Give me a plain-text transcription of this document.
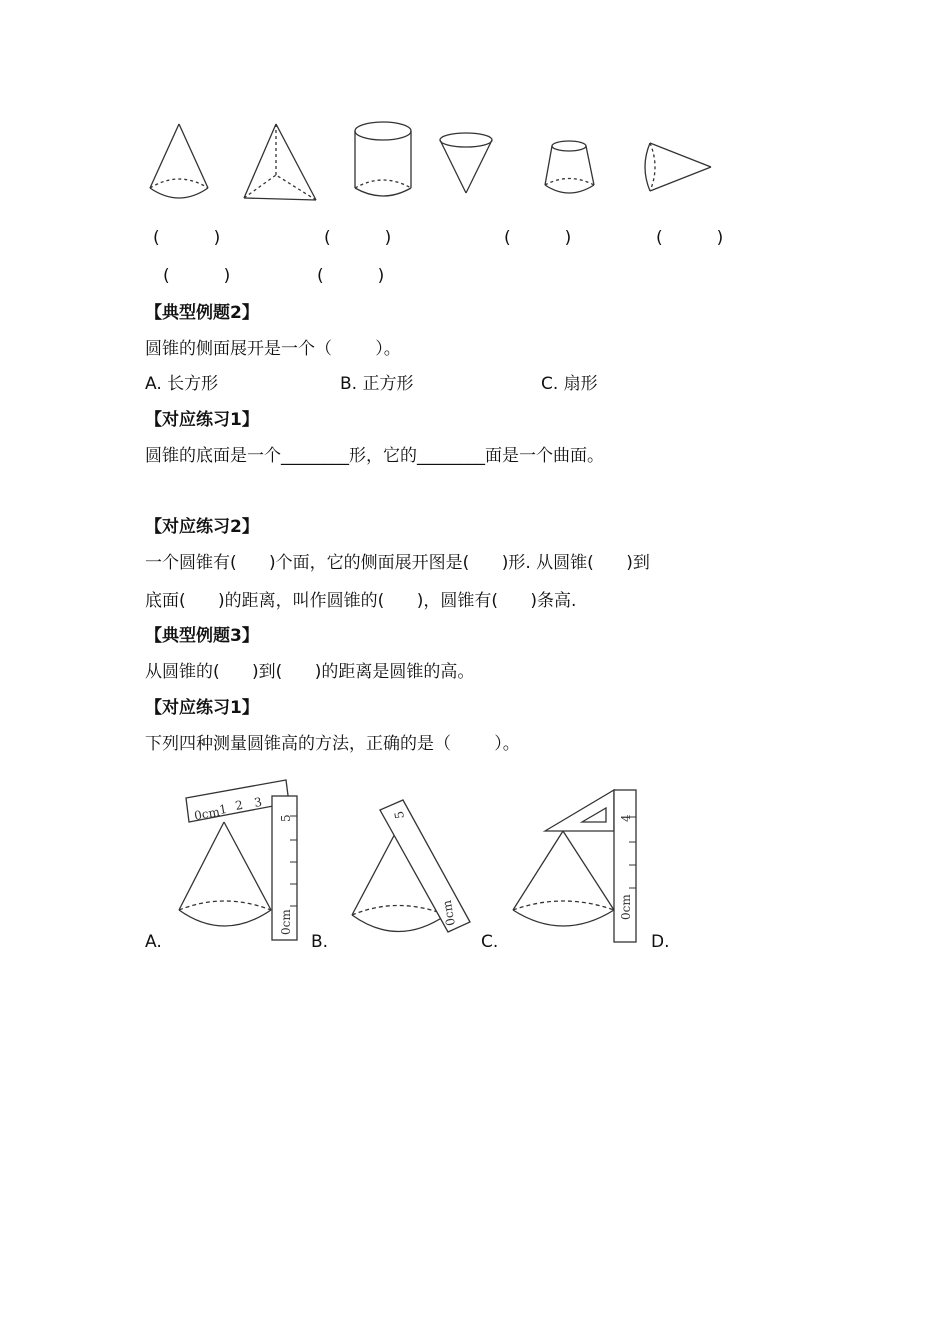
(          )	(          )	(          )	(          )
(          )	(          )
【典型例题2】
圆锥的侧面展开是一个（        ）。
A. 长方形	B. 正方形	C. 扇形
【对应练习1】
圆锥的底面是一个________形，它的________面是一个曲面。
【对应练习2】
一个圆锥有(      )个面，它的侧面展开图是(      )形. 从圆锥(      )到
底面(      )的距离，叫作圆锥的(      )，圆锥有(      )条高.
【典型例题3】
从圆锥的(      )到(      )的距离是圆锥的高。
【对应练习1】
下列四种测量圆锥高的方法，正确的是（        ）。
0cm
1 2 3
0cm
5
0cm
5
0cm
4
A.	B.	C.	D.
